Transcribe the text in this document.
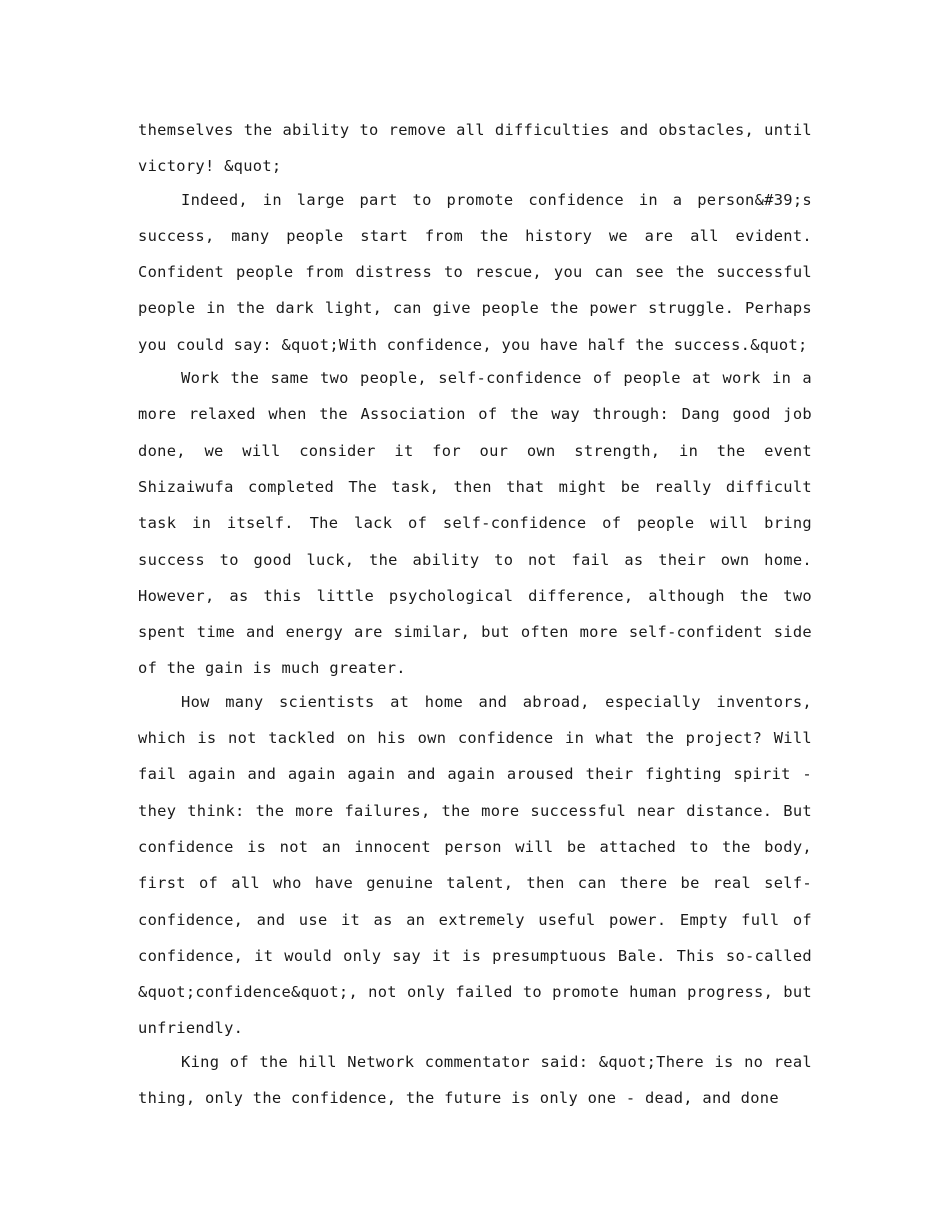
themselves the ability to remove all difficulties and obstacles, until victory! &quot;

Indeed, in large part to promote confidence in a person&#39;s success, many people start from the history we are all evident. Confident people from distress to rescue, you can see the successful people in the dark light, can give people the power struggle. Perhaps you could say: &quot;With confidence, you have half the success.&quot;

Work the same two people, self-confidence of people at work in a more relaxed when the Association of the way through: Dang good job done, we will consider it for our own strength, in the event Shizaiwufa completed The task, then that might be really difficult task in itself. The lack of self-confidence of people will bring success to good luck, the ability to not fail as their own home. However, as this little psychological difference, although the two spent time and energy are similar, but often more self-confident side of the gain is much greater.

How many scientists at home and abroad, especially inventors, which is not tackled on his own confidence in what the project? Will fail again and again again and again aroused their fighting spirit - they think: the more failures, the more successful near distance. But confidence is not an innocent person will be attached to the body, first of all who have genuine talent, then can there be real self-confidence, and use it as an extremely useful power. Empty full of confidence, it would only say it is presumptuous Bale. This so-called &quot;confidence&quot;, not only failed to promote human progress, but unfriendly.

King of the hill Network commentator said: &quot;There is no real thing, only the confidence, the future is only one - dead, and done
